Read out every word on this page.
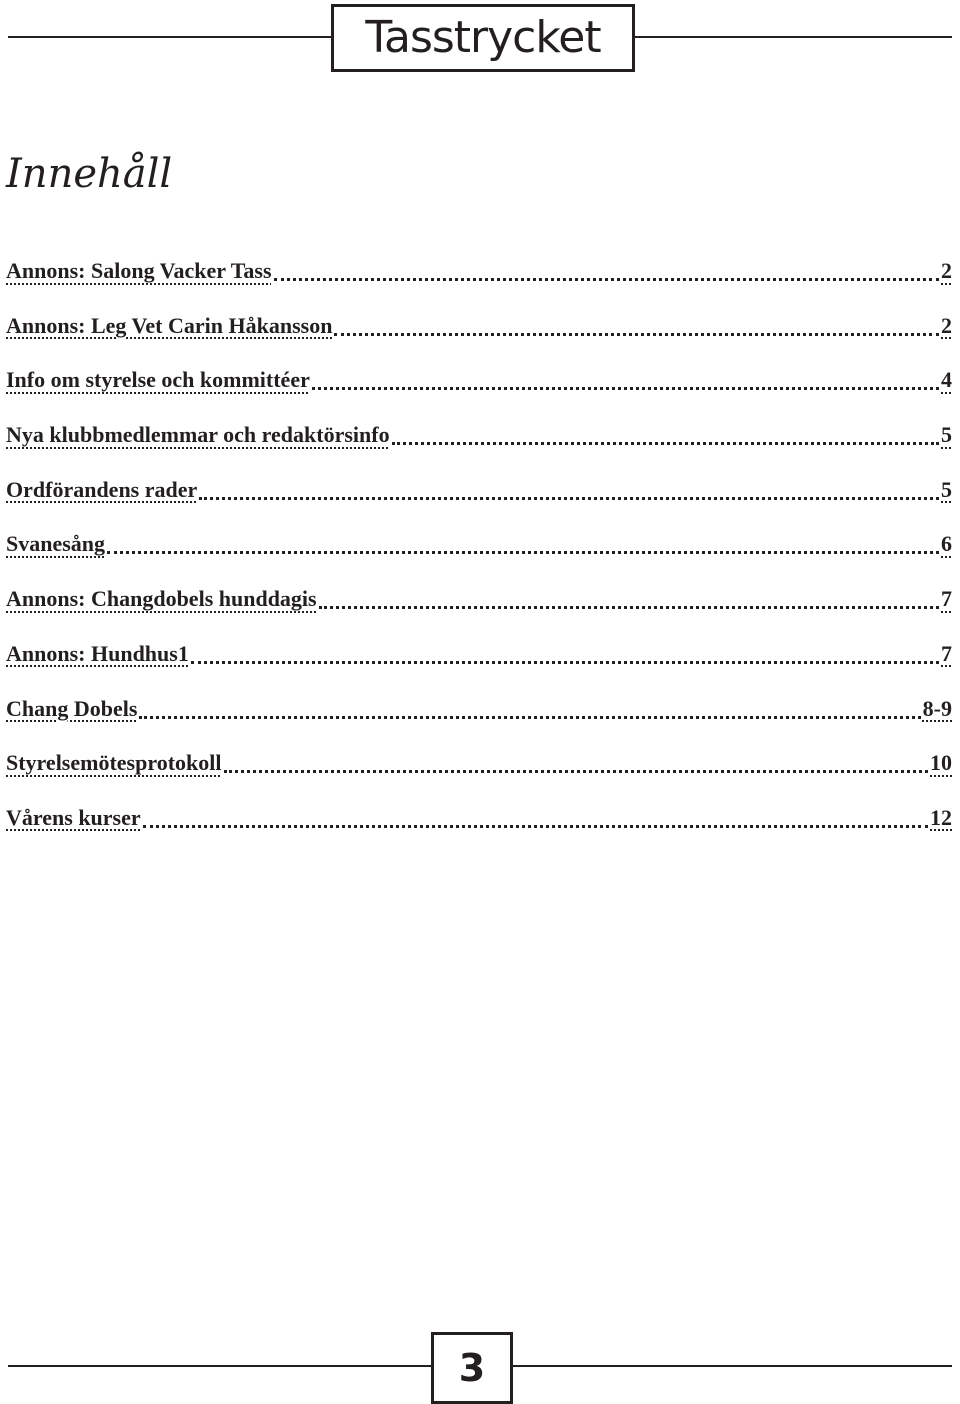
Tasstrycket
Innehåll
Annons: Salong Vacker Tass	2
Annons: Leg Vet Carin Håkansson	2
Info om styrelse och kommittéer	4
Nya klubbmedlemmar och redaktörsinfo	5
Ordförandens rader	5
Svanesång	6
Annons: Changdobels hunddagis	7
Annons: Hundhus1	7
Chang Dobels	8-9
Styrelsemötesprotokoll	10
Vårens kurser	12
3
